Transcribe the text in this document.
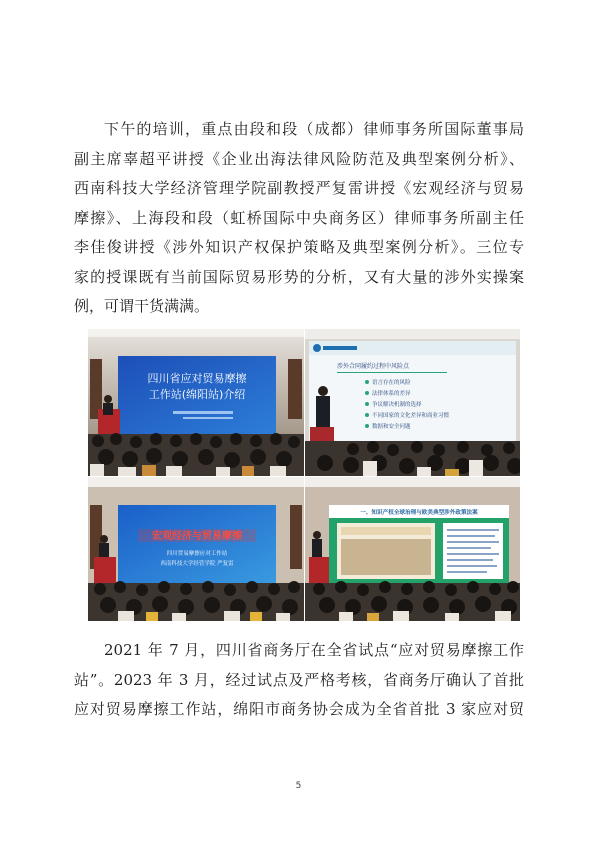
下午的培训，重点由段和段（成都）律师事务所国际董事局
副主席辜超平讲授《企业出海法律风险防范及典型案例分析》、
西南科技大学经济管理学院副教授严复雷讲授《宏观经济与贸易
摩擦》、上海段和段（虹桥国际中央商务区）律师事务所副主任
李佳俊讲授《涉外知识产权保护策略及典型案例分析》。三位专
家的授课既有当前国际贸易形势的分析，又有大量的涉外实操案
例，可谓干货满满。
四川省应对贸易摩擦
工作站(绵阳站)介绍
涉外合同履约过程中风险点
语言存在的风险
法律体系的差异
争议解决机制的选择
不同国家的文化差异和商业习惯
数据和安全问题
宏观经济与贸易摩擦
四川贸易摩擦应对工作站
西南科技大学经管学院 严复雷
一、知识产权全球治理与欧美典型涉外政策法案
2021 年 7 月，四川省商务厅在全省试点“应对贸易摩擦工作
站”。2023 年 3 月，经过试点及严格考核，省商务厅确认了首批
应对贸易摩擦工作站，绵阳市商务协会成为全省首批 3 家应对贸
5
